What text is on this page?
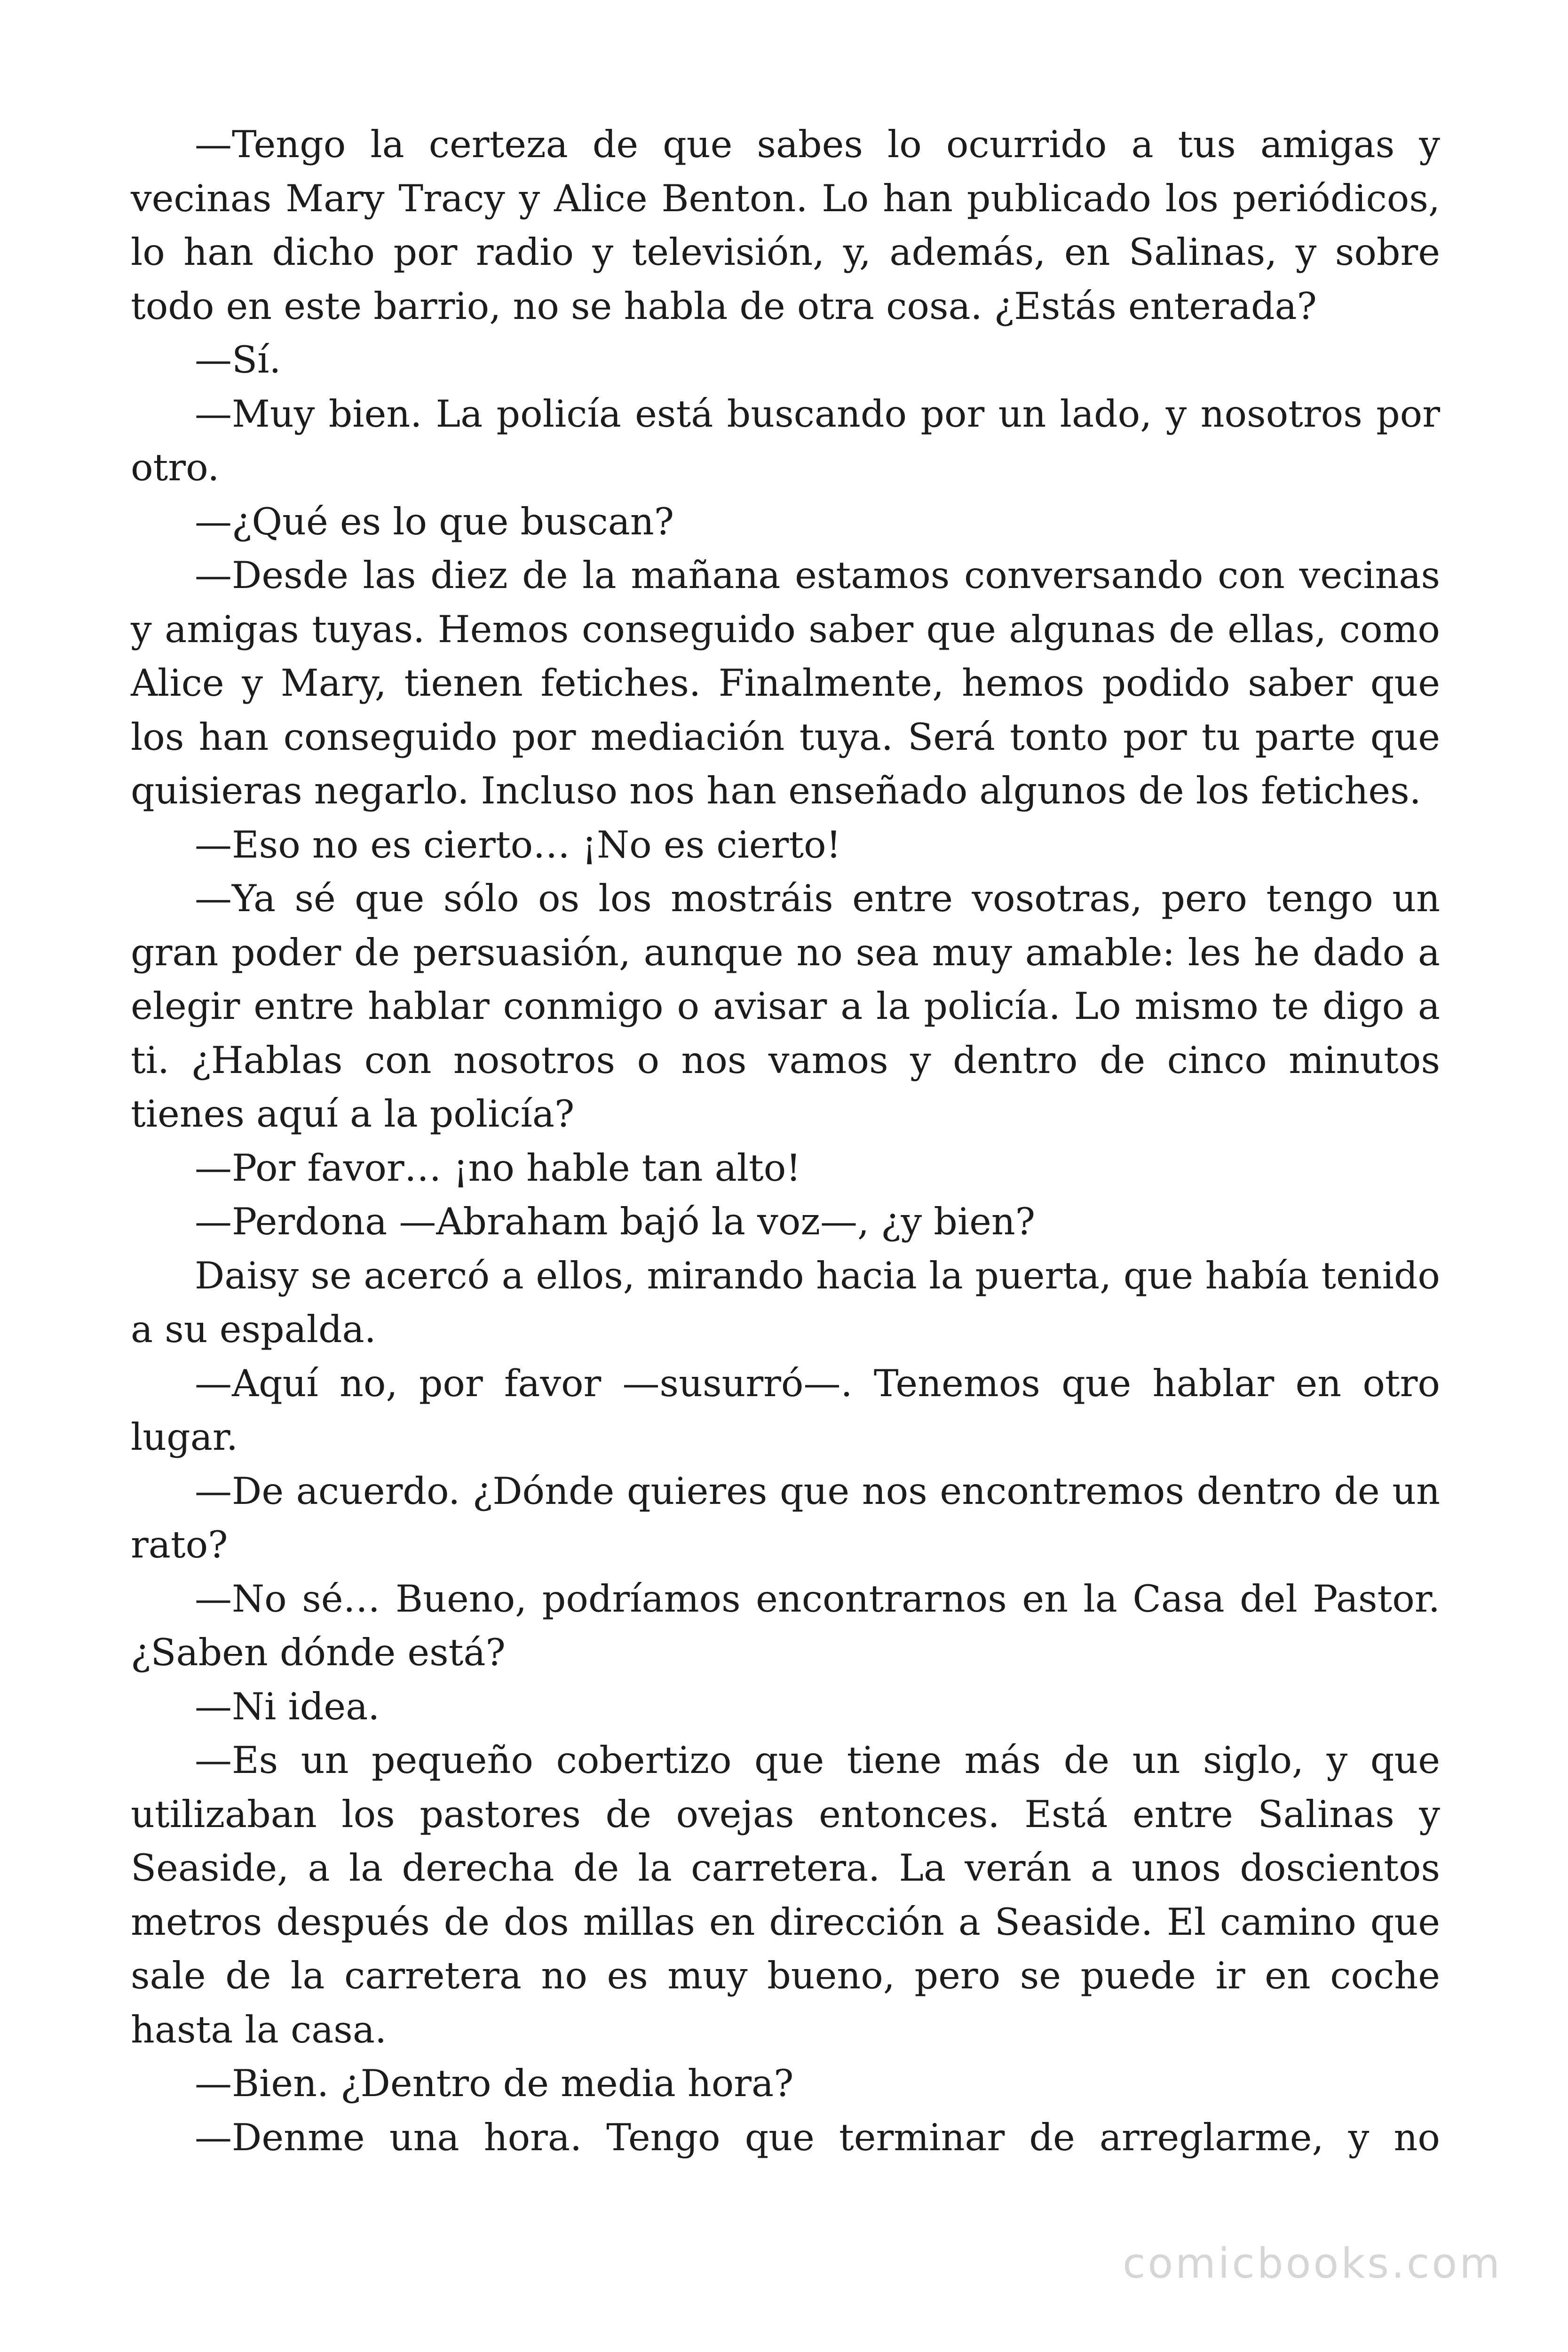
—Tengo la certeza de que sabes lo ocurrido a tus amigas y vecinas Mary Tracy y Alice Benton. Lo han publicado los periódicos, lo han dicho por radio y televisión, y, además, en Salinas, y sobre todo en este barrio, no se habla de otra cosa. ¿Estás enterada?

—Sí.

—Muy bien. La policía está buscando por un lado, y nosotros por otro.

—¿Qué es lo que buscan?

—Desde las diez de la mañana estamos conversando con vecinas y amigas tuyas. Hemos conseguido saber que algunas de ellas, como Alice y Mary, tienen fetiches. Finalmente, hemos podido saber que los han conseguido por mediación tuya. Será tonto por tu parte que quisieras negarlo. Incluso nos han enseñado algunos de los fetiches.

—Eso no es cierto… ¡No es cierto!

—Ya sé que sólo os los mostráis entre vosotras, pero tengo un gran poder de persuasión, aunque no sea muy amable: les he dado a elegir entre hablar conmigo o avisar a la policía. Lo mismo te digo a ti. ¿Hablas con nosotros o nos vamos y dentro de cinco minutos tienes aquí a la policía?

—Por favor… ¡no hable tan alto!

—Perdona —Abraham bajó la voz—, ¿y bien?

Daisy se acercó a ellos, mirando hacia la puerta, que había tenido a su espalda.

—Aquí no, por favor —susurró—. Tenemos que hablar en otro lugar.

—De acuerdo. ¿Dónde quieres que nos encontremos dentro de un rato?

—No sé… Bueno, podríamos encontrarnos en la Casa del Pastor. ¿Saben dónde está?

—Ni idea.

—Es un pequeño cobertizo que tiene más de un siglo, y que utilizaban los pastores de ovejas entonces. Está entre Salinas y Seaside, a la derecha de la carretera. La verán a unos doscientos metros después de dos millas en dirección a Seaside. El camino que sale de la carretera no es muy bueno, pero se puede ir en coche hasta la casa.

—Bien. ¿Dentro de media hora?

—Denme una hora. Tengo que terminar de arreglarme, y no

comicbooks.com
